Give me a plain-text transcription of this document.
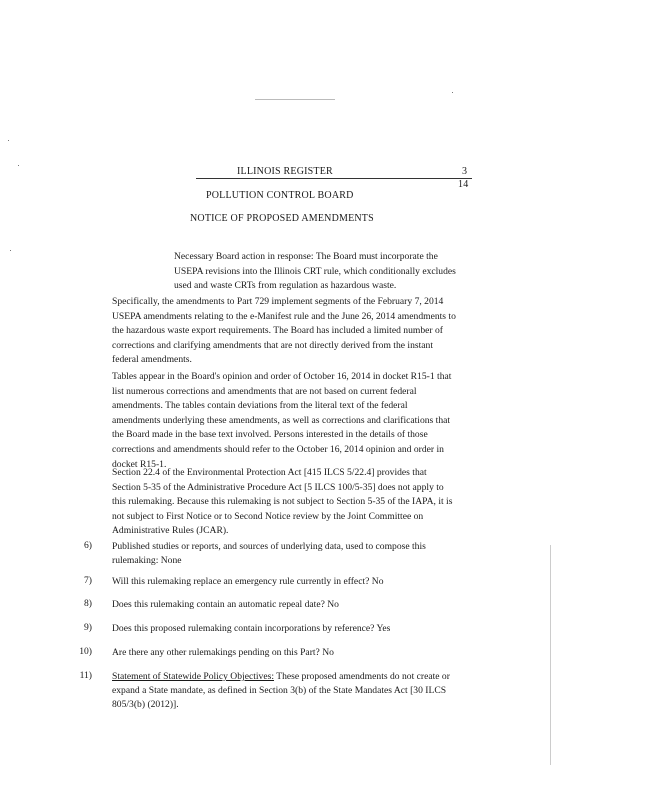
ILLINOIS REGISTER	3
14
POLLUTION CONTROL BOARD
NOTICE OF PROPOSED AMENDMENTS
Necessary Board action in response: The Board must incorporate the
USEPA revisions into the Illinois CRT rule, which conditionally excludes
used and waste CRTs from regulation as hazardous waste.
Specifically, the amendments to Part 729 implement segments of the February 7, 2014
USEPA amendments relating to the e-Manifest rule and the June 26, 2014 amendments to
the hazardous waste export requirements. The Board has included a limited number of
corrections and clarifying amendments that are not directly derived from the instant
federal amendments.
Tables appear in the Board's opinion and order of October 16, 2014 in docket R15-1 that
list numerous corrections and amendments that are not based on current federal
amendments. The tables contain deviations from the literal text of the federal
amendments underlying these amendments, as well as corrections and clarifications that
the Board made in the base text involved. Persons interested in the details of those
corrections and amendments should refer to the October 16, 2014 opinion and order in
docket R15-1.
Section 22.4 of the Environmental Protection Act [415 ILCS 5/22.4] provides that
Section 5-35 of the Administrative Procedure Act [5 ILCS 100/5-35] does not apply to
this rulemaking. Because this rulemaking is not subject to Section 5-35 of the IAPA, it is
not subject to First Notice or to Second Notice review by the Joint Committee on
Administrative Rules (JCAR).
6) Published studies or reports, and sources of underlying data, used to compose this
rulemaking: None
7) Will this rulemaking replace an emergency rule currently in effect? No
8) Does this rulemaking contain an automatic repeal date? No
9) Does this proposed rulemaking contain incorporations by reference? Yes
10) Are there any other rulemakings pending on this Part? No
11) Statement of Statewide Policy Objectives: These proposed amendments do not create or
expand a State mandate, as defined in Section 3(b) of the State Mandates Act [30 ILCS
805/3(b) (2012)].
